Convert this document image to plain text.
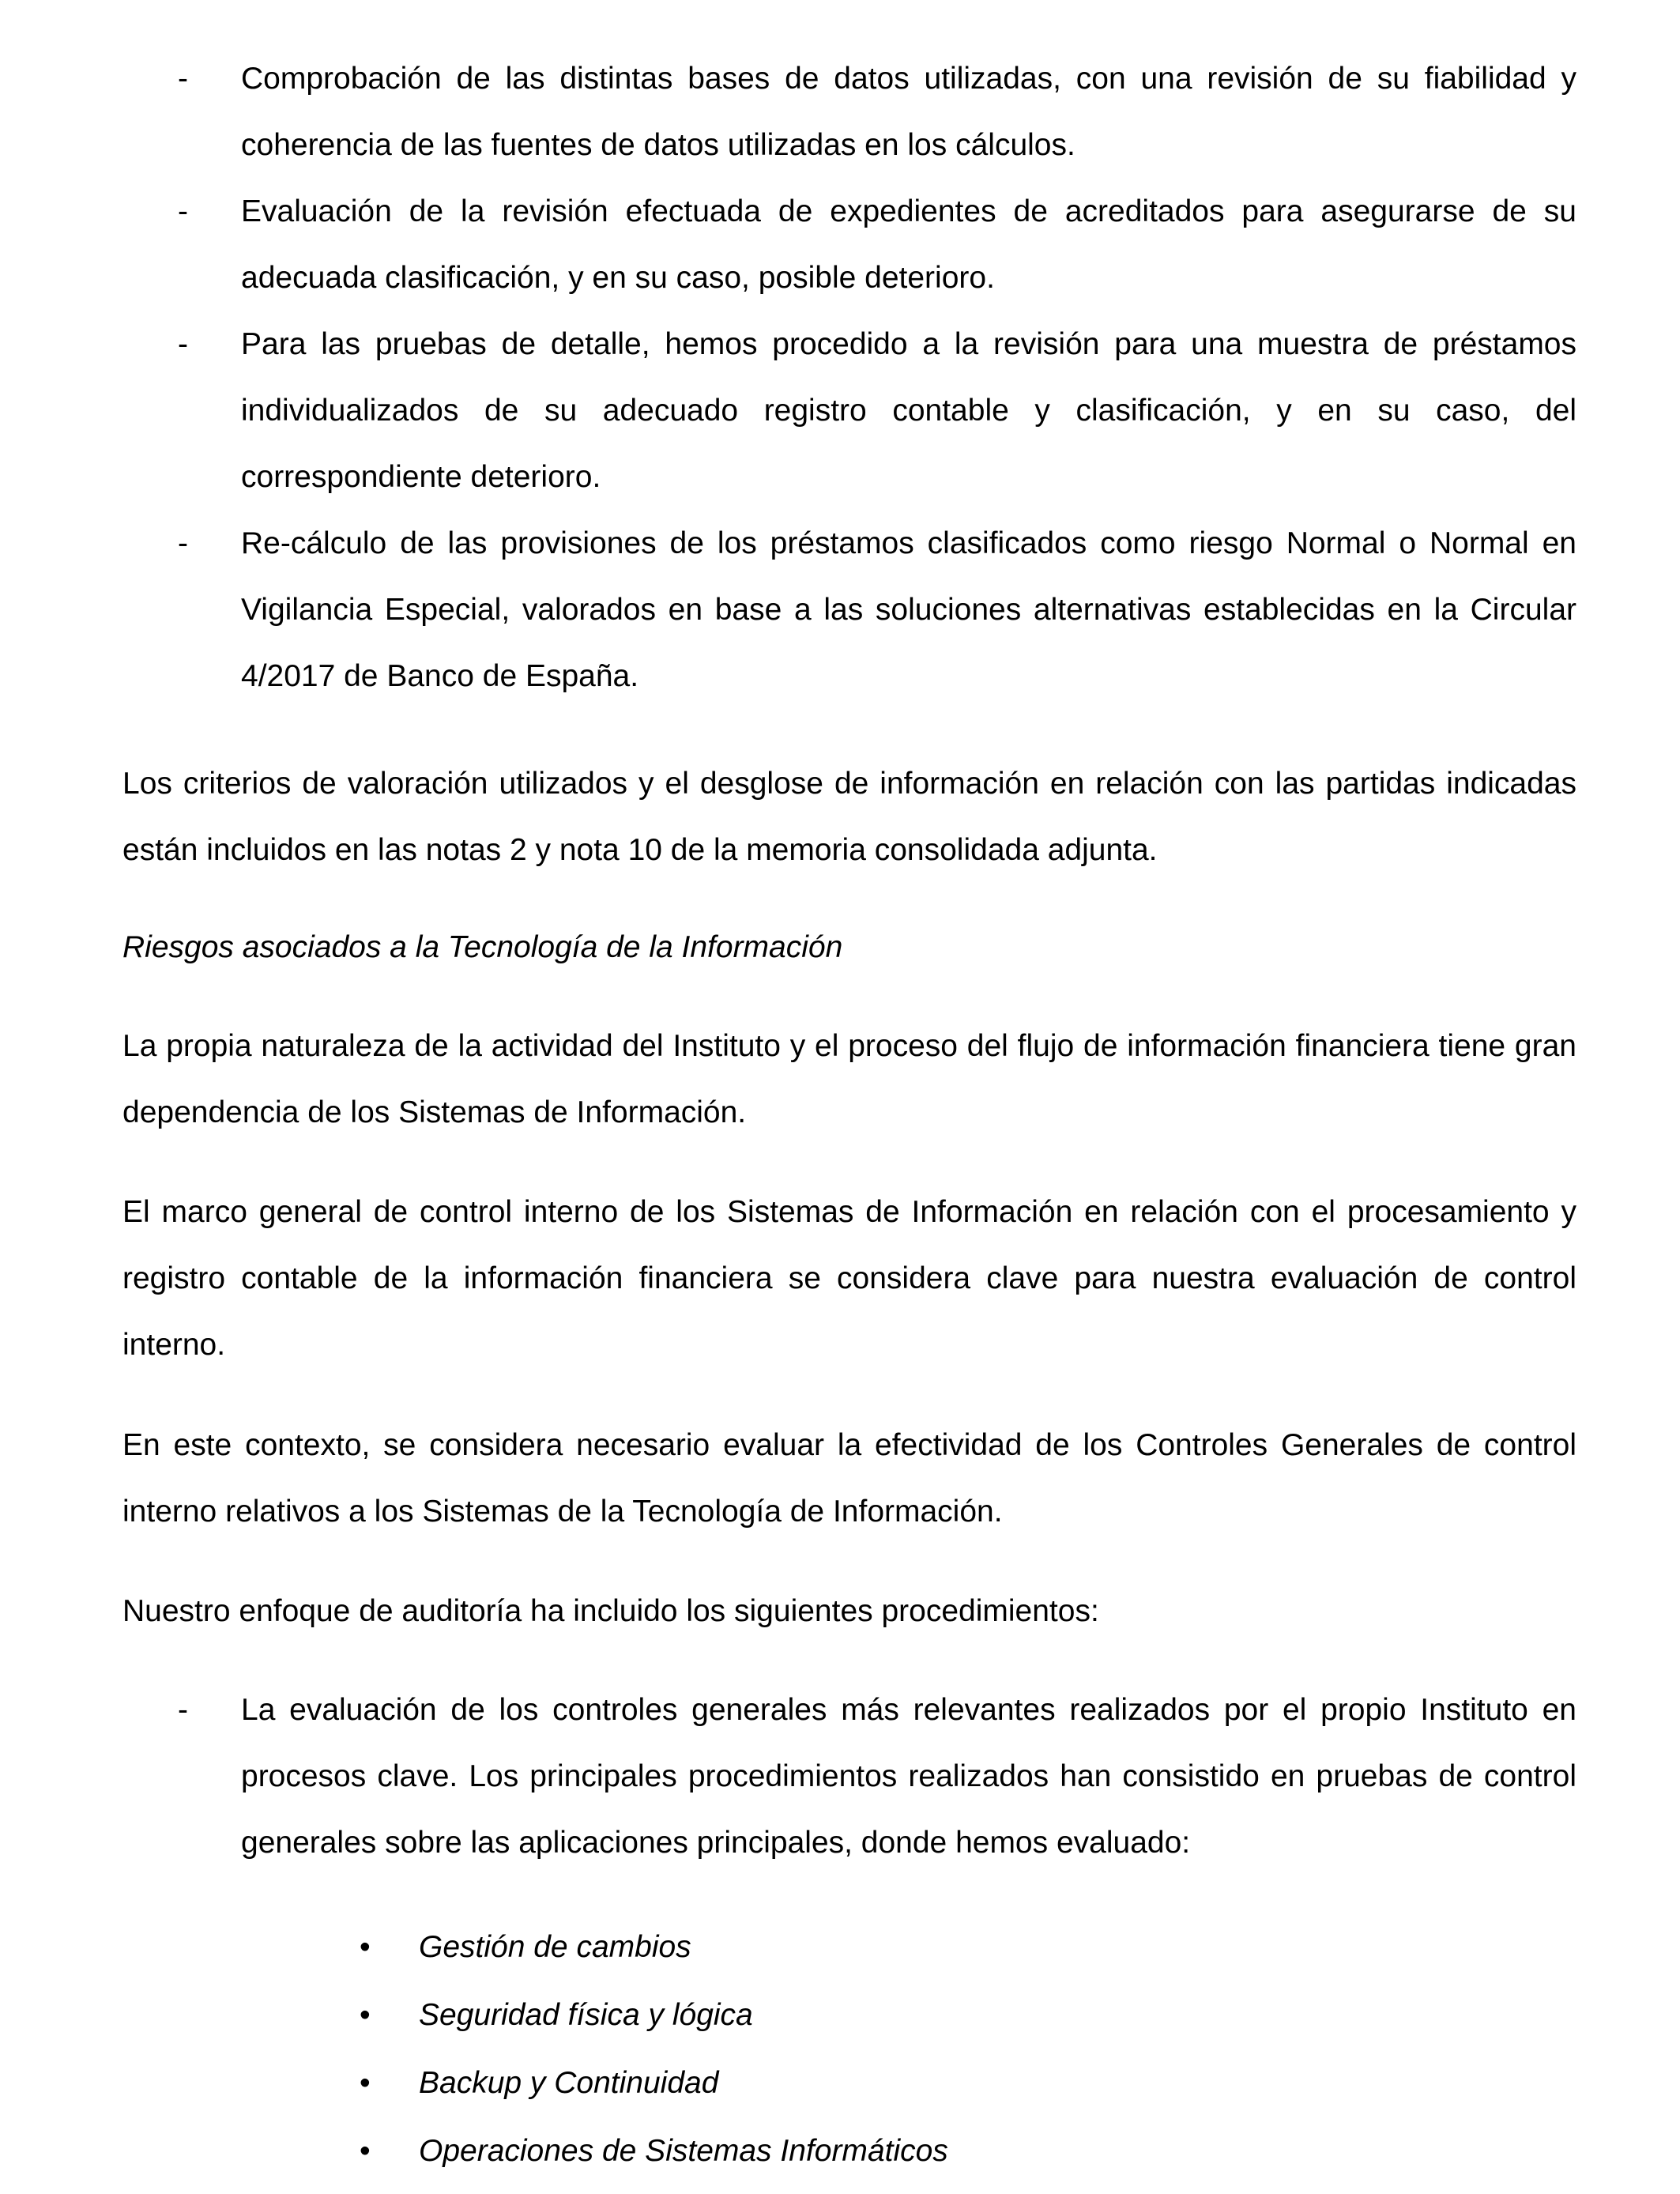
-	Comprobación de las distintas bases de datos utilizadas, con una revisión de su fiabilidad y coherencia de las fuentes de datos utilizadas en los cálculos.

-	Evaluación de la revisión efectuada de expedientes de acreditados para asegurarse de su adecuada clasificación, y en su caso, posible deterioro.

-	Para las pruebas de detalle, hemos procedido a la revisión para una muestra de préstamos individualizados de su adecuado registro contable y clasificación, y en su caso, del correspondiente deterioro.

-	Re-cálculo de las provisiones de los préstamos clasificados como riesgo Normal o Normal en Vigilancia Especial, valorados en base a las soluciones alternativas establecidas en la Circular 4/2017 de Banco de España.

Los criterios de valoración utilizados y el desglose de información en relación con las partidas indicadas están incluidos en las notas 2 y nota 10 de la memoria consolidada adjunta.

Riesgos asociados a la Tecnología de la Información

La propia naturaleza de la actividad del Instituto y el proceso del flujo de información financiera tiene gran dependencia de los Sistemas de Información.

El marco general de control interno de los Sistemas de Información en relación con el procesamiento y registro contable de la información financiera se considera clave para nuestra evaluación de control interno.

En este contexto, se considera necesario evaluar la efectividad de los Controles Generales de control interno relativos a los Sistemas de la Tecnología de Información.

Nuestro enfoque de auditoría ha incluido los siguientes procedimientos:

-	La evaluación de los controles generales más relevantes realizados por el propio Instituto en procesos clave. Los principales procedimientos realizados han consistido en pruebas de control generales sobre las aplicaciones principales, donde hemos evaluado:

• Gestión de cambios

• Seguridad física y lógica

• Backup y Continuidad

• Operaciones de Sistemas Informáticos
